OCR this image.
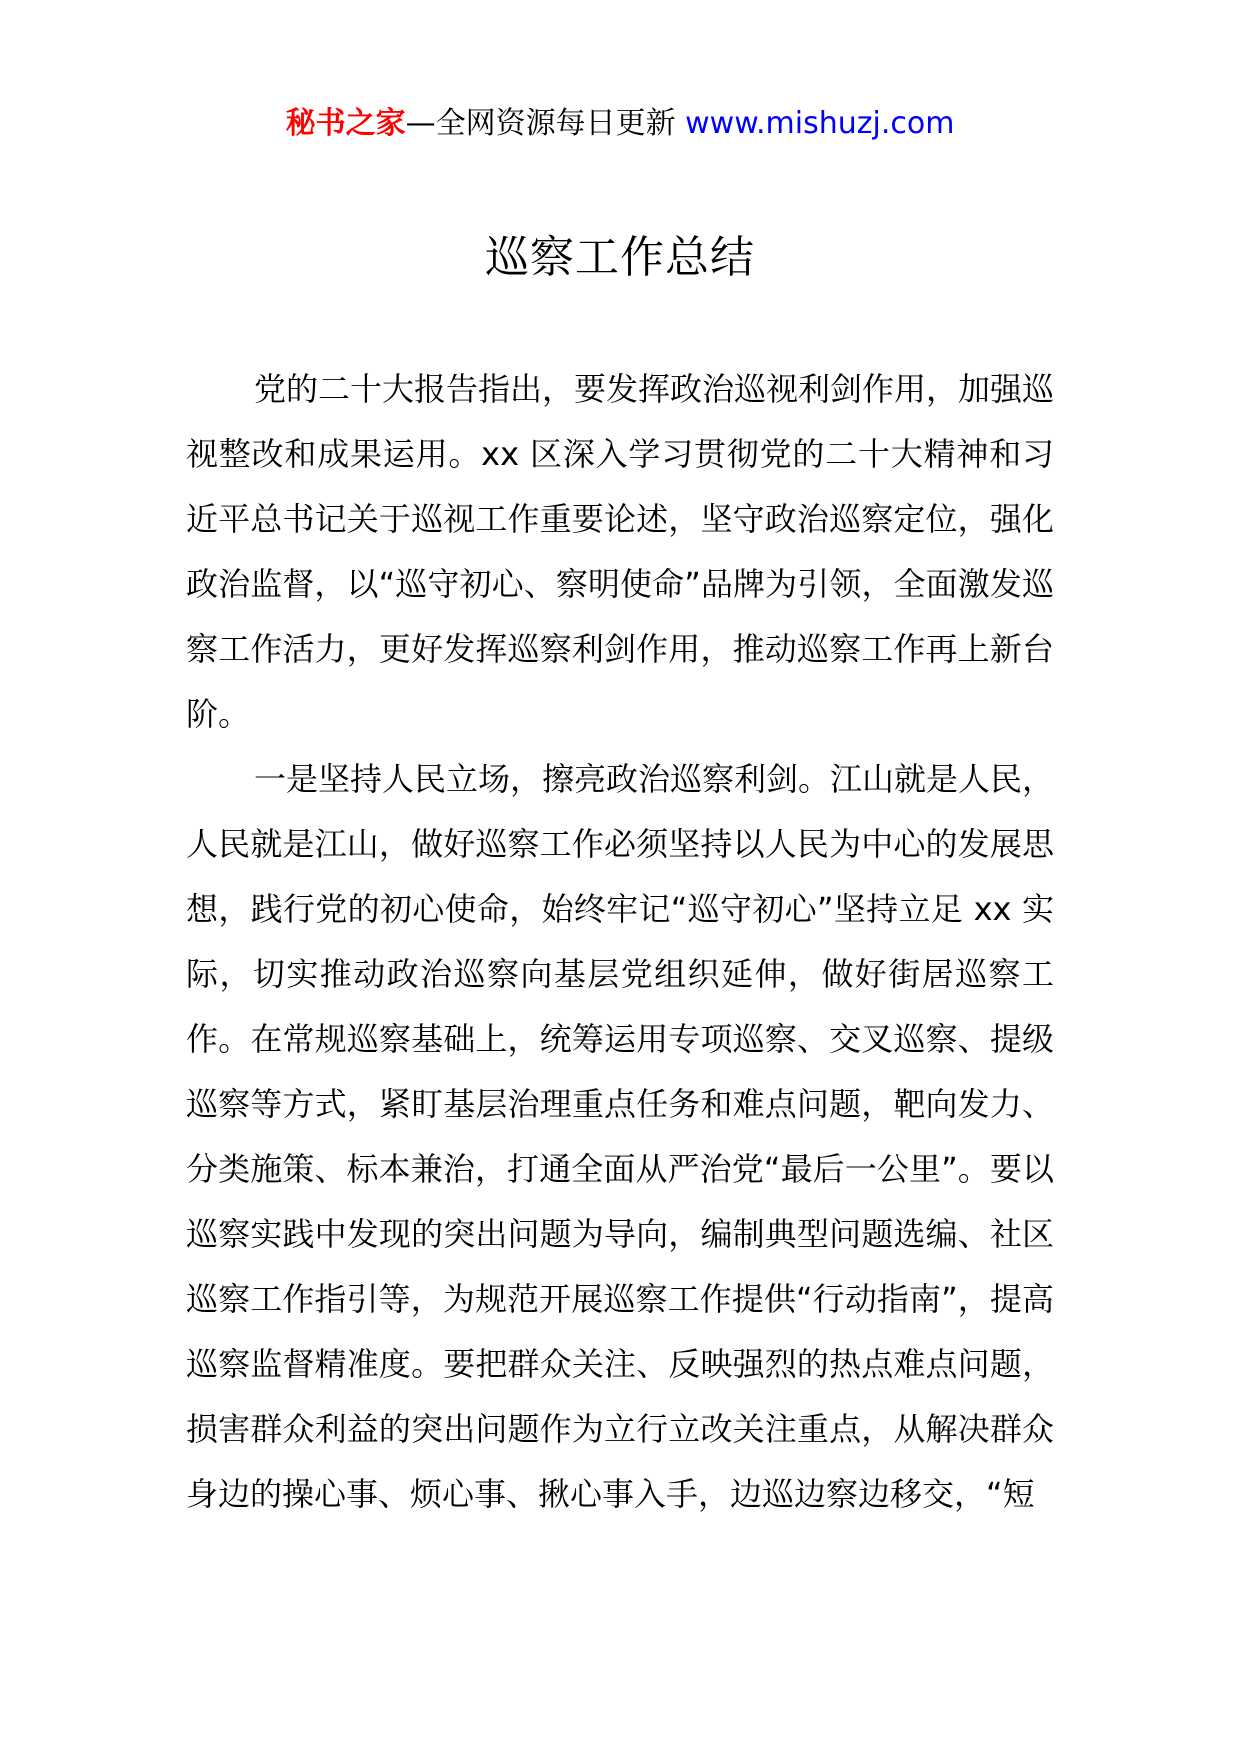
秘书之家—全网资源每日更新 www.mishuzj.com
巡察工作总结

党的二十大报告指出，要发挥政治巡视利剑作用，加强巡视整改和成果运用。xx 区深入学习贯彻党的二十大精神和习近平总书记关于巡视工作重要论述，坚守政治巡察定位，强化政治监督，以“巡守初心、察明使命”品牌为引领，全面激发巡察工作活力，更好发挥巡察利剑作用，推动巡察工作再上新台阶。

一是坚持人民立场，擦亮政治巡察利剑。江山就是人民，人民就是江山，做好巡察工作必须坚持以人民为中心的发展思想，践行党的初心使命，始终牢记“巡守初心”坚持立足 xx 实际，切实推动政治巡察向基层党组织延伸，做好街居巡察工作。在常规巡察基础上，统筹运用专项巡察、交叉巡察、提级巡察等方式，紧盯基层治理重点任务和难点问题，靶向发力、分类施策、标本兼治，打通全面从严治党“最后一公里”。要以巡察实践中发现的突出问题为导向，编制典型问题选编、社区巡察工作指引等，为规范开展巡察工作提供“行动指南”，提高巡察监督精准度。要把群众关注、反映强烈的热点难点问题，损害群众利益的突出问题作为立行立改关注重点，从解决群众身边的操心事、烦心事、揪心事入手，边巡边察边移交，“短
